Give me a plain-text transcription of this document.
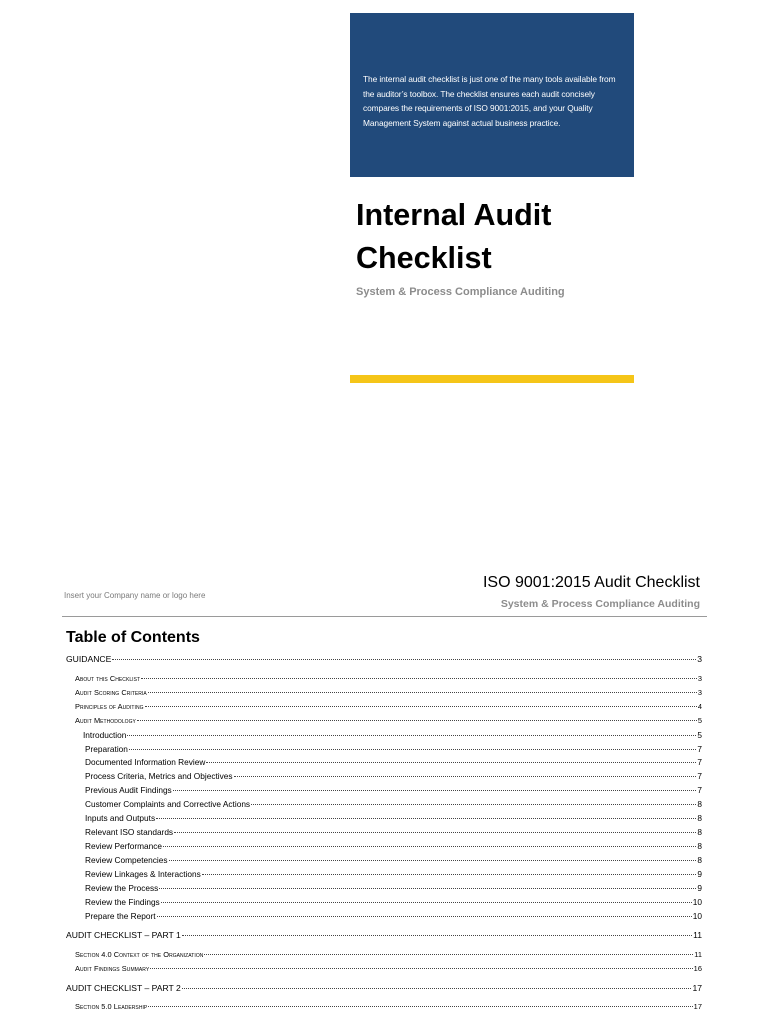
The internal audit checklist is just one of the many tools available from the auditor’s toolbox. The checklist ensures each audit concisely compares the requirements of ISO 9001:2015, and your Quality Management System against actual business practice.

Internal Audit
Checklist

System & Process Compliance Auditing

Insert your Company name or logo here
ISO 9001:2015 Audit Checklist
System & Process Compliance Auditing
Table of Contents
GUIDANCE	3
About this Checklist	3
Audit Scoring Criteria	3
Principles of Auditing	4
Audit Methodology	5
Introduction	5
Preparation	7
Documented Information Review	7
Process Criteria, Metrics and Objectives	7
Previous Audit Findings	7
Customer Complaints and Corrective Actions	8
Inputs and Outputs	8
Relevant ISO standards	8
Review Performance	8
Review Competencies	8
Review Linkages & Interactions	9
Review the Process	9
Review the Findings	10
Prepare the Report	10
AUDIT CHECKLIST – PART 1	11
Section 4.0 Context of the Organization	11
Audit Findings Summary	16
AUDIT CHECKLIST – PART 2	17
Section 5.0 Leadership	17
